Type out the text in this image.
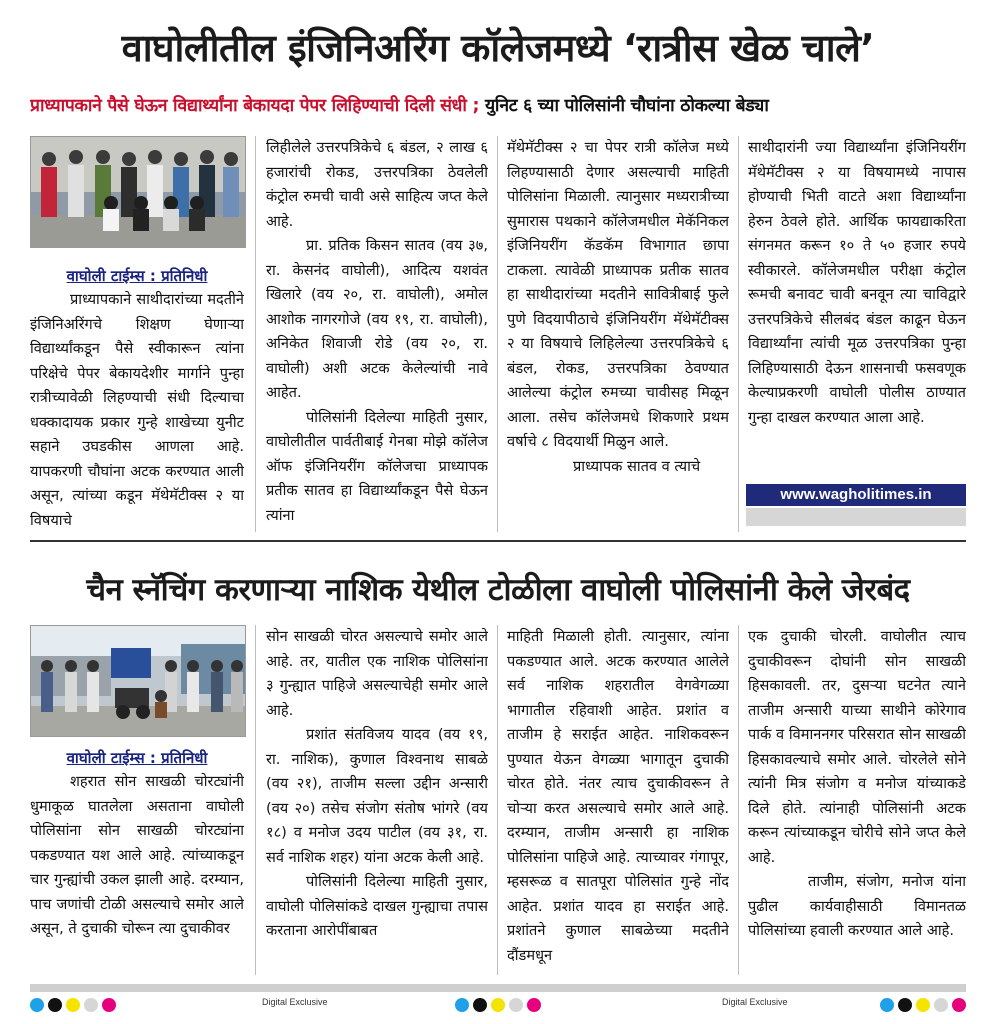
वाघोलीतील इंजिनिअरिंग कॉलेजमध्ये ‘रात्रीस खेळ चाले’
प्राध्यापकाने पैसे घेऊन विद्यार्थ्यांना बेकायदा पेपर लिहिण्याची दिली संधी ; युनिट ६ च्या पोलिसांनी चौघांना ठोकल्या बेड्या
वाघोली टाईम्स : प्रतिनिधी

प्राध्यापकाने साथीदारांच्या मदतीने इंजिनिअरिंगचे शिक्षण घेणाऱ्या विद्यार्थ्यांकडून पैसे स्वीकारून त्यांना परिक्षेचे पेपर बेकायदेशीर मार्गाने पुन्हा रात्रीच्यावेळी लिहण्याची संधी दिल्याचा धक्कादायक प्रकार गुन्हे शाखेच्या युनीट सहाने उघडकीस आणला आहे. यापकरणी चौघांना अटक करण्यात आली असून, त्यांच्या कडून मॅथेमॅटीक्स २ या विषयाचे

लिहीलेले उत्तरपत्रिकेचे ६ बंडल, २ लाख ६ हजारांची रोकड, उत्तरपत्रिका ठेवलेली कंट्रोल रुमची चावी असे साहित्य जप्त केले आहे.

प्रा. प्रतिक किसन सातव (वय ३७, रा. केसनंद वाघोली), आदित्य यशवंत खिलारे (वय २०, रा. वाघोली), अमोल आशोक नागरगोजे (वय १९, रा. वाघोली), अनिकेत शिवाजी रोडे (वय २०, रा. वाघोली) अशी अटक केलेल्यांची नावे आहेत.

पोलिसांनी दिलेल्या माहिती नुसार, वाघोलीतील पार्वतीबाई गेनबा मोझे कॉलेज ऑफ इंजिनियरींग कॉलेजचा प्राध्यापक प्रतीक सातव हा विद्यार्थ्यांकडून पैसे घेऊन त्यांना

मॅथेमॅटीक्स २ चा पेपर रात्री कॉलेज मध्ये लिहण्यासाठी देणार असल्याची माहिती पोलिसांना मिळाली. त्यानुसार मध्यरात्रीच्या सुमारास पथकाने कॉलेजमधील मेकॅनिकल इंजिनियरींग कॅडकॅम विभागात छापा टाकला. त्यावेळी प्राध्यापक प्रतीक सातव हा साथीदारांच्या मदतीने सावित्रीबाई फुले पुणे विदयापीठाचे इंजिनियरींग मॅथेमॅटीक्स २ या विषयाचे लिहिलेल्या उत्तरपत्रिकेचे ६ बंडल, रोकड, उत्तरपत्रिका ठेवण्यात आलेल्या कंट्रोल रुमच्या चावीसह मिळून आला. तसेच कॉलेजमधे शिकणारे प्रथम वर्षाचे ८ विदयार्थी मिळुन आले.

प्राध्यापक सातव व त्याचे

साथीदारांनी ज्या विद्यार्थ्यांना इंजिनियरींग मॅथेमॅटीक्स २ या विषयामध्ये नापास होण्याची भिती वाटते अशा विद्यार्थ्यांना हेरुन ठेवले होते. आर्थिक फायद्याकरिता संगनमत करून १० ते ५० हजार रुपये स्वीकारले. कॉलेजमधील परीक्षा कंट्रोल रूमची बनावट चावी बनवून त्या चाविद्वारे उत्तरपत्रिकेचे सीलबंद बंडल काढून घेऊन विद्यार्थ्यांना त्यांची मूळ उत्तरपत्रिका पुन्हा लिहिण्यासाठी देऊन शासनाची फसवणूक केल्याप्रकरणी वाघोली पोलीस ठाण्यात गुन्हा दाखल करण्यात आला आहे.

www.wagholitimes.in
चैन स्नॅचिंग करणाऱ्या नाशिक येथील टोळीला वाघोली पोलिसांनी केले जेरबंद
वाघोली टाईम्स : प्रतिनिधी

शहरात सोन साखळी चोरट्यांनी धुमाकूळ घातलेला असताना वाघोली पोलिसांना सोन साखळी चोरट्यांना पकडण्यात यश आले आहे. त्यांच्याकडून चार गुन्ह्यांची उकल झाली आहे. दरम्यान, पाच जणांची टोळी असल्याचे समोर आले असून, ते दुचाकी चोरून त्या दुचाकीवर

सोन साखळी चोरत असल्याचे समोर आले आहे. तर, यातील एक नाशिक पोलिसांना ३ गुन्ह्यात पाहिजे असल्याचेही समोर आले आहे.

प्रशांत संतविजय यादव (वय १९, रा. नाशिक), कुणाल विश्वनाथ साबळे (वय २१), ताजीम सल्ला उद्दीन अन्सारी (वय २०) तसेच संजोग संतोष भांगरे (वय १८) व मनोज उदय पाटील (वय ३१, रा. सर्व नाशिक शहर) यांना अटक केली आहे.

पोलिसांनी दिलेल्या माहिती नुसार, वाघोली पोलिसांकडे दाखल गुन्ह्याचा तपास करताना आरोपींबाबत

माहिती मिळाली होती. त्यानुसार, त्यांना पकडण्यात आले. अटक करण्यात आलेले सर्व नाशिक शहरातील वेगवेगळ्या भागातील रहिवाशी आहेत. प्रशांत व ताजीम हे सराईत आहेत. नाशिकवरून पुण्यात येऊन वेगळ्या भागातून दुचाकी चोरत होते. नंतर त्याच दुचाकीवरून ते चोऱ्या करत असल्याचे समोर आले आहे. दरम्यान, ताजीम अन्सारी हा नाशिक पोलिसांना पाहिजे आहे. त्याच्यावर गंगापूर, म्हसरूळ व सातपूरा पोलिसांत गुन्हे नोंद आहेत. प्रशांत यादव हा सराईत आहे. प्रशांतने कुणाल साबळेच्या मदतीने दौंडमधून

एक दुचाकी चोरली. वाघोलीत त्याच दुचाकीवरून दोघांनी सोन साखळी हिसकावली. तर, दुसऱ्या घटनेत त्याने ताजीम अन्सारी याच्या साथीने कोरेगाव पार्क व विमाननगर परिसरात सोन साखळी हिसकावल्याचे समोर आले. चोरलेले सोने त्यांनी मित्र संजोग व मनोज यांच्याकडे दिले होते. त्यांनाही पोलिसांनी अटक करून त्यांच्याकडून चोरीचे सोने जप्त केले आहे.

ताजीम, संजोग, मनोज यांना पुढील कार्यवाहीसाठी विमानतळ पोलिसांच्या हवाली करण्यात आले आहे.

Digital Exclusive	Digital Exclusive
